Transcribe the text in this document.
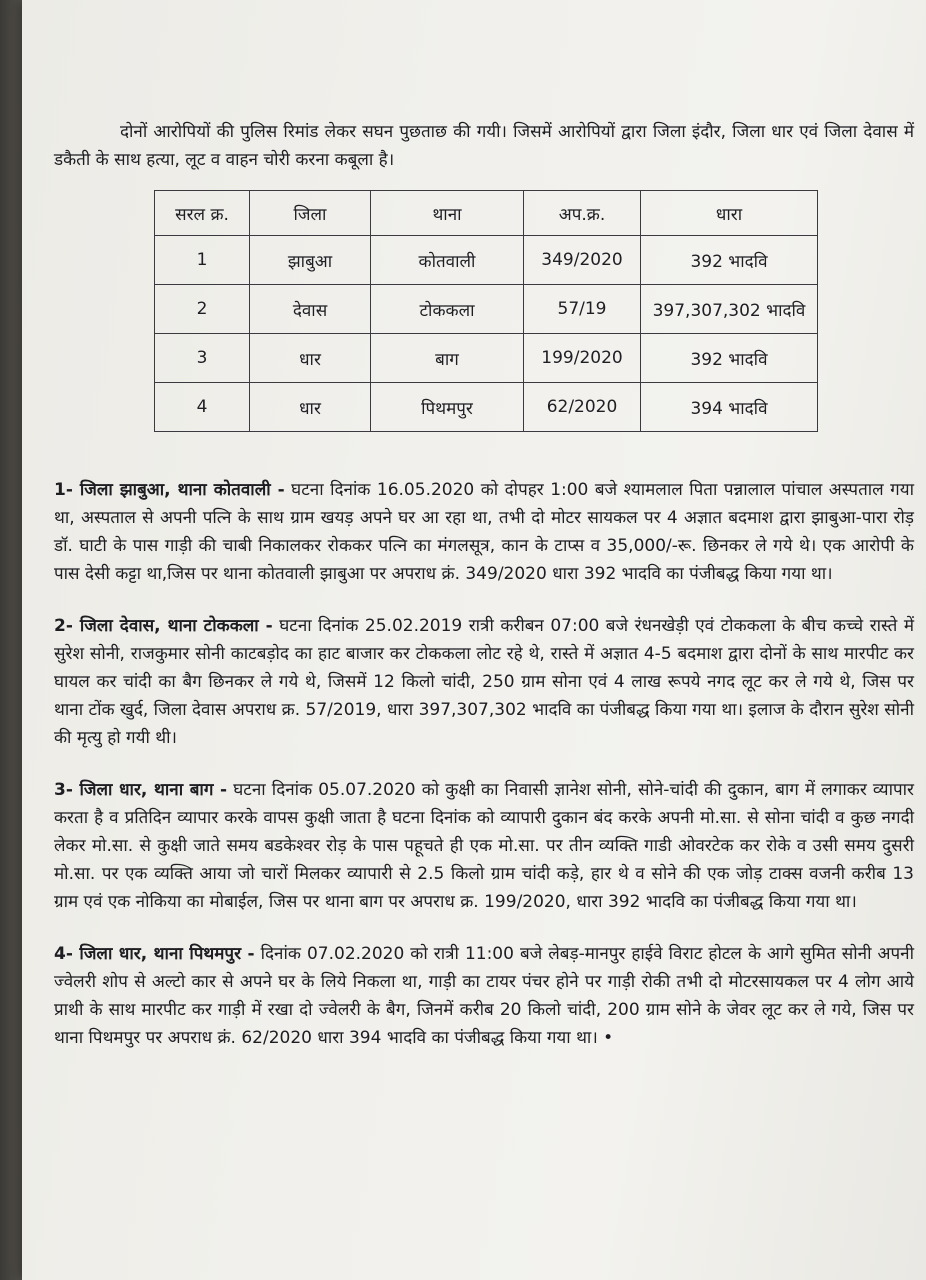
दोनों आरोपियों की पुलिस रिमांड लेकर सघन पुछताछ की गयी। जिसमें आरोपियों द्वारा जिला इंदौर, जिला धार एवं जिला देवास में डकैती के साथ हत्या, लूट व वाहन चोरी करना कबूला है।

सरल क्र.	जिला	थाना	अप.क्र.	धारा
1	झाबुआ	कोतवाली	349/2020	392 भादवि
2	देवास	टोककला	57/19	397,307,302 भादवि
3	धार	बाग	199/2020	392 भादवि
4	धार	पिथमपुर	62/2020	394 भादवि

1- जिला झाबुआ, थाना कोतवाली - घटना दिनांक 16.05.2020 को दोपहर 1:00 बजे श्यामलाल पिता पन्नालाल पांचाल अस्पताल गया था, अस्पताल से अपनी पत्नि के साथ ग्राम खयड़ अपने घर आ रहा था, तभी दो मोटर सायकल पर 4 अज्ञात बदमाश द्वारा झाबुआ-पारा रोड़ डॉ. घाटी के पास गाड़ी की चाबी निकालकर रोककर पत्नि का मंगलसूत्र, कान के टाप्स व 35,000/-रू. छिनकर ले गये थे। एक आरोपी के पास देसी कट्टा था,जिस पर थाना कोतवाली झाबुआ पर अपराध क्रं. 349/2020 धारा 392 भादवि का पंजीबद्ध किया गया था।

2- जिला देवास, थाना टोककला - घटना दिनांक 25.02.2019 रात्री करीबन 07:00 बजे रंधनखेड़ी एवं टोककला के बीच कच्चे रास्ते में सुरेश सोनी, राजकुमार सोनी काटबड़ोद का हाट बाजार कर टोककला लोट रहे थे, रास्ते में अज्ञात 4-5 बदमाश द्वारा दोनों के साथ मारपीट कर घायल कर चांदी का बैग छिनकर ले गये थे, जिसमें 12 किलो चांदी, 250 ग्राम सोना एवं 4 लाख रूपये नगद लूट कर ले गये थे, जिस पर थाना टोंक खुर्द, जिला देवास अपराध क्र. 57/2019, धारा 397,307,302 भादवि का पंजीबद्ध किया गया था। इलाज के दौरान सुरेश सोनी की मृत्यु हो गयी थी।

3- जिला धार, थाना बाग - घटना दिनांक 05.07.2020 को कुक्षी का निवासी ज्ञानेश सोनी, सोने-चांदी की दुकान, बाग में लगाकर व्यापार करता है व प्रतिदिन व्यापार करके वापस कुक्षी जाता है घटना दिनांक को व्यापारी दुकान बंद करके अपनी मो.सा. से सोना चांदी व कुछ नगदी लेकर मो.सा. से कुक्षी जाते समय बडकेश्वर रोड़ के पास पहूचते ही एक मो.सा. पर तीन व्यक्ति गाडी ओवरटेक कर रोके व उसी समय दुसरी मो.सा. पर एक व्यक्ति आया जो चारों मिलकर व्यापारी से 2.5 किलो ग्राम चांदी कड़े, हार थे व सोने की एक जोड़ टाक्स वजनी करीब 13 ग्राम एवं एक नोकिया का मोबाईल, जिस पर थाना बाग पर अपराध क्र. 199/2020, धारा 392 भादवि का पंजीबद्ध किया गया था।

4- जिला धार, थाना पिथमपुर - दिनांक 07.02.2020 को रात्री 11:00 बजे लेबड़-मानपुर हाईवे विराट होटल के आगे सुमित सोनी अपनी ज्वेलरी शोप से अल्टो कार से अपने घर के लिये निकला था, गाड़ी का टायर पंचर होने पर गाड़ी रोकी तभी दो मोटरसायकल पर 4 लोग आये प्राथी के साथ मारपीट कर गाड़ी में रखा दो ज्वेलरी के बैग, जिनमें करीब 20 किलो चांदी, 200 ग्राम सोने के जेवर लूट कर ले गये, जिस पर थाना पिथमपुर पर अपराध क्रं. 62/2020 धारा 394 भादवि का पंजीबद्ध किया गया था। •
